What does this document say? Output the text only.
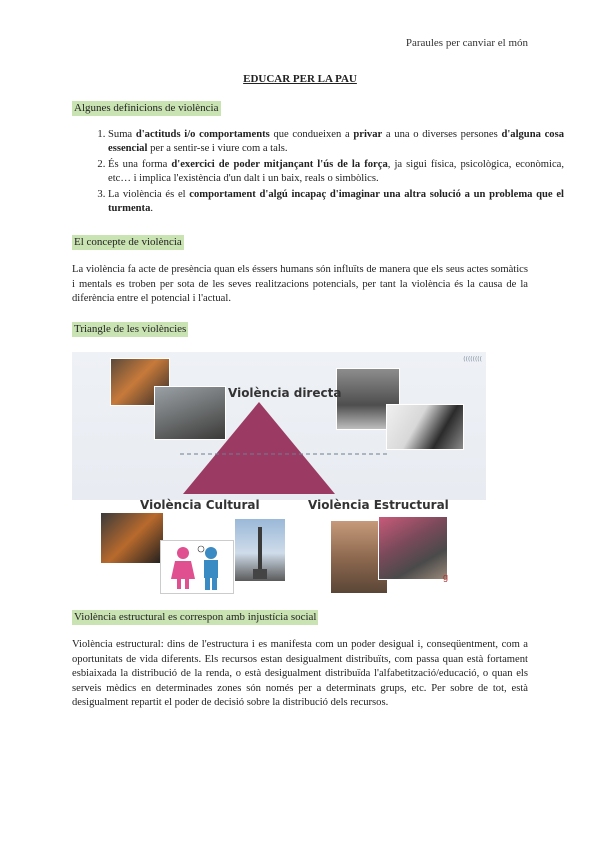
Paraules per canviar el món
EDUCAR PER LA PAU
Algunes definicions de violència
1. Suma d'actituds i/o comportaments que condueixen a privar a una o diverses persones d'alguna cosa essencial per a sentir-se i viure com a tals.
2. És una forma d'exercici de poder mitjançant l'ús de la força, ja sigui física, psicològica, econòmica, etc… i implica l'existència d'un dalt i un baix, reals o simbòlics.
3. La violència és el comportament d'algú incapaç d'imaginar una altra solució a un problema que el turmenta.
El concepte de violència

La violència fa acte de presència quan els éssers humans són influïts de manera que els seus actes somàtics i mentals es troben per sota de les seves realitzacions potencials, per tant la violència és la causa de la diferència entre el potencial i l'actual.

Triangle de les violències
((((((((
Violència directa
Violència Cultural	Violència Estructural
g
Violència estructural es correspon amb injustícia social

Violència estructural: dins de l'estructura i es manifesta com un poder desigual i, conseqüentment, com a oportunitats de vida diferents. Els recursos estan desigualment distribuïts, com passa quan està fortament esbiaixada la distribució de la renda, o està desigualment distribuïda l'alfabetització/educació, o quan els serveis mèdics en determinades zones són només per a determinats grups, etc. Per sobre de tot, està desigualment repartit el poder de decisió sobre la distribució dels recursos.
